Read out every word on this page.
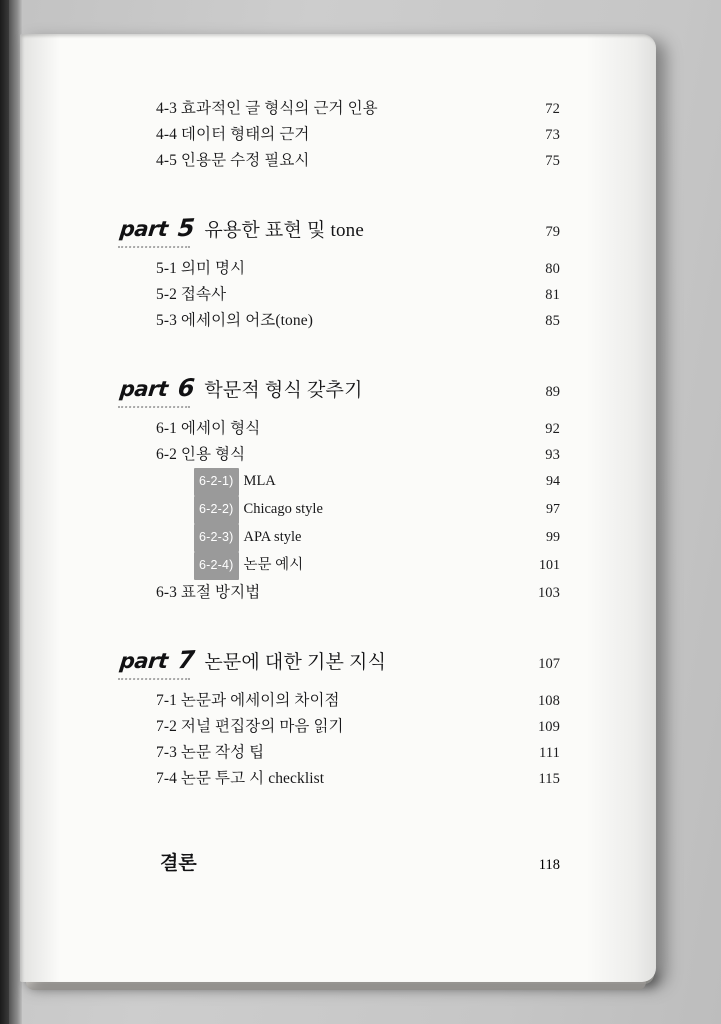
4-3 효과적인 글 형식의 근거 인용	72
4-4 데이터 형태의 근거	73
4-5 인용문 수정 필요시	75
part 5 유용한 표현 및 tone	79
5-1 의미 명시	80
5-2 접속사	81
5-3 에세이의 어조(tone)	85
part 6 학문적 형식 갖추기	89
6-1 에세이 형식	92
6-2 인용 형식	93
6-2-1) MLA	94
6-2-2) Chicago style	97
6-2-3) APA style	99
6-2-4) 논문 예시	101
6-3 표절 방지법	103
part 7 논문에 대한 기본 지식	107
7-1 논문과 에세이의 차이점	108
7-2 저널 편집장의 마음 읽기	109
7-3 논문 작성 팁	111
7-4 논문 투고 시 checklist	115
결론	118
